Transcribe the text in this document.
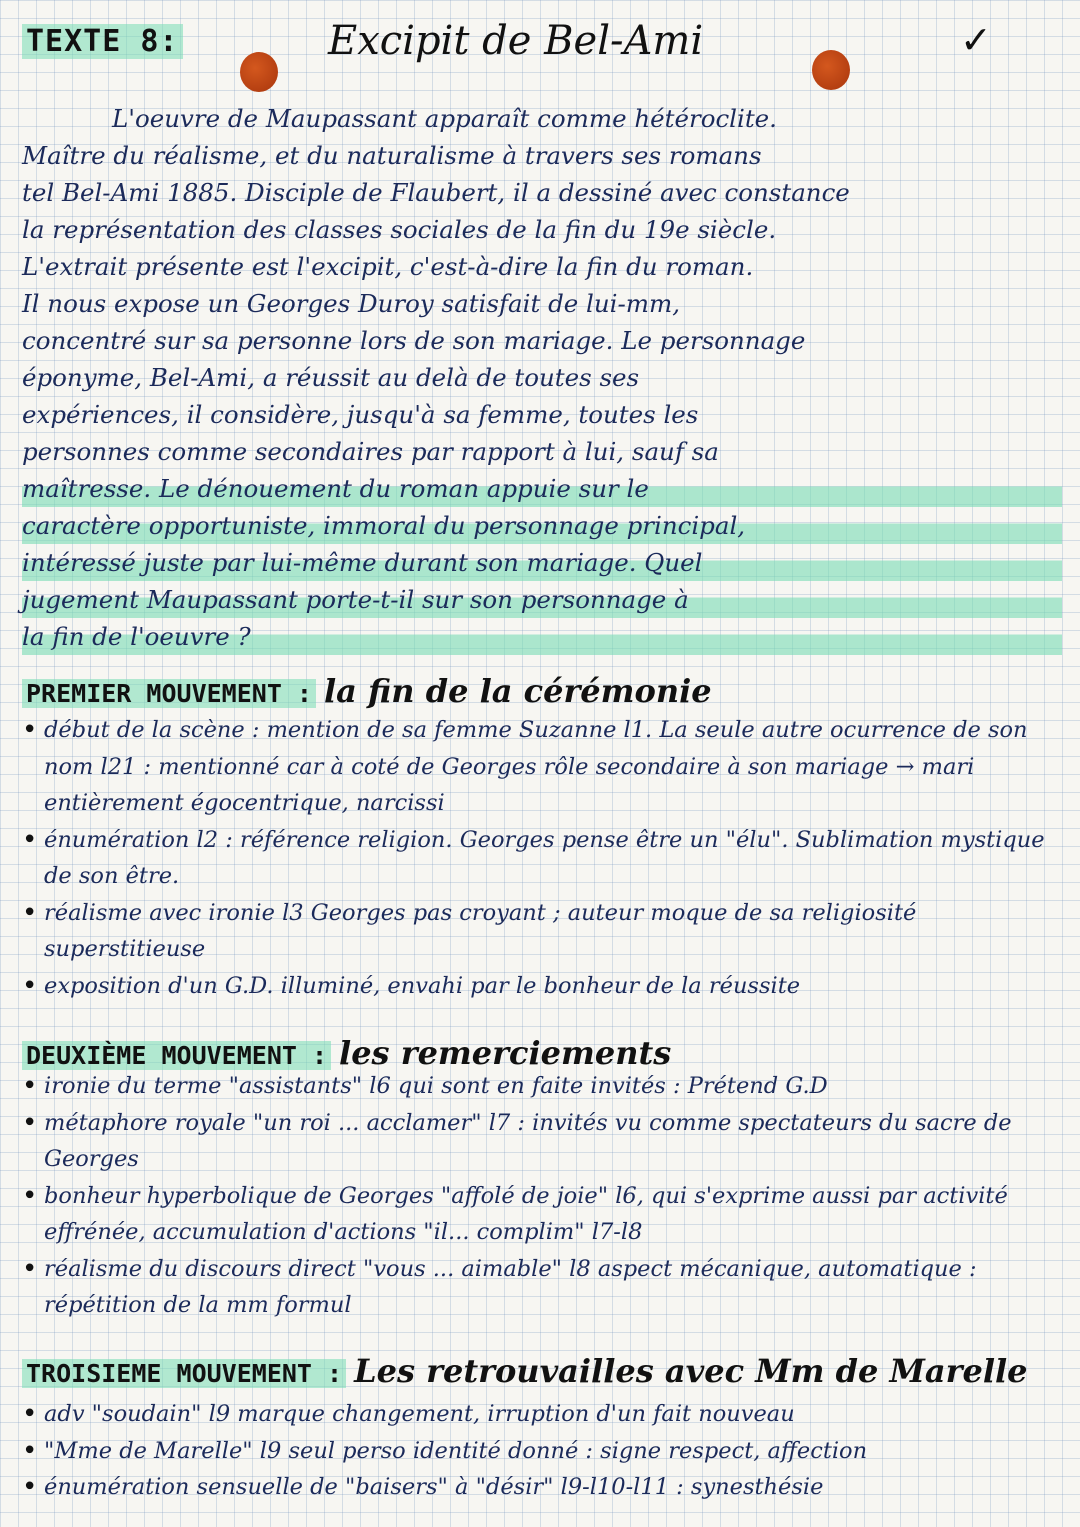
TEXTE 8:	Excipit de Bel-Ami	✓

L'oeuvre de Maupassant apparaît comme hétéroclite.

Maître du réalisme, et du naturalisme à travers ses romans

tel Bel-Ami 1885. Disciple de Flaubert, il a dessiné avec constance

la représentation des classes sociales de la fin du 19e siècle.

L'extrait présente est l'excipit, c'est-à-dire la fin du roman.

Il nous expose un Georges Duroy satisfait de lui-mm,

concentré sur sa personne lors de son mariage. Le personnage

éponyme, Bel-Ami, a réussit au delà de toutes ses

expériences, il considère, jusqu'à sa femme, toutes les

personnes comme secondaires par rapport à lui, sauf sa

maîtresse. Le dénouement du roman appuie sur le

caractère opportuniste, immoral du personnage principal,

intéressé juste par lui-même durant son mariage. Quel

jugement Maupassant porte-t-il sur son personnage à

la fin de l'oeuvre ?

PREMIER MOUVEMENT : la fin de la cérémonie
• début de la scène : mention de sa femme Suzanne l1. La seule autre ocurrence de son nom l21 : mentionné car à coté de Georges rôle secondaire à son mariage → mari entièrement égocentrique, narcissi
• énumération l2 : référence religion. Georges pense être un "élu". Sublimation mystique de son être.
• réalisme avec ironie l3 Georges pas croyant ; auteur moque de sa religiosité superstitieuse
• exposition d'un G.D. illuminé, envahi par le bonheur de la réussite
DEUXIÈME MOUVEMENT : les remerciements
• ironie du terme "assistants" l6 qui sont en faite invités : Prétend G.D
• métaphore royale "un roi ... acclamer" l7 : invités vu comme spectateurs du sacre de Georges
• bonheur hyperbolique de Georges "affolé de joie" l6, qui s'exprime aussi par activité effrénée, accumulation d'actions "il... complim" l7-l8
• réalisme du discours direct "vous ... aimable" l8 aspect mécanique, automatique : répétition de la mm formul
TROISIEME MOUVEMENT : Les retrouvailles avec Mm de Marelle
• adv "soudain" l9 marque changement, irruption d'un fait nouveau
• "Mme de Marelle" l9 seul perso identité donné : signe respect, affection
• énumération sensuelle de "baisers" à "désir" l9-l10-l11 : synesthésie
